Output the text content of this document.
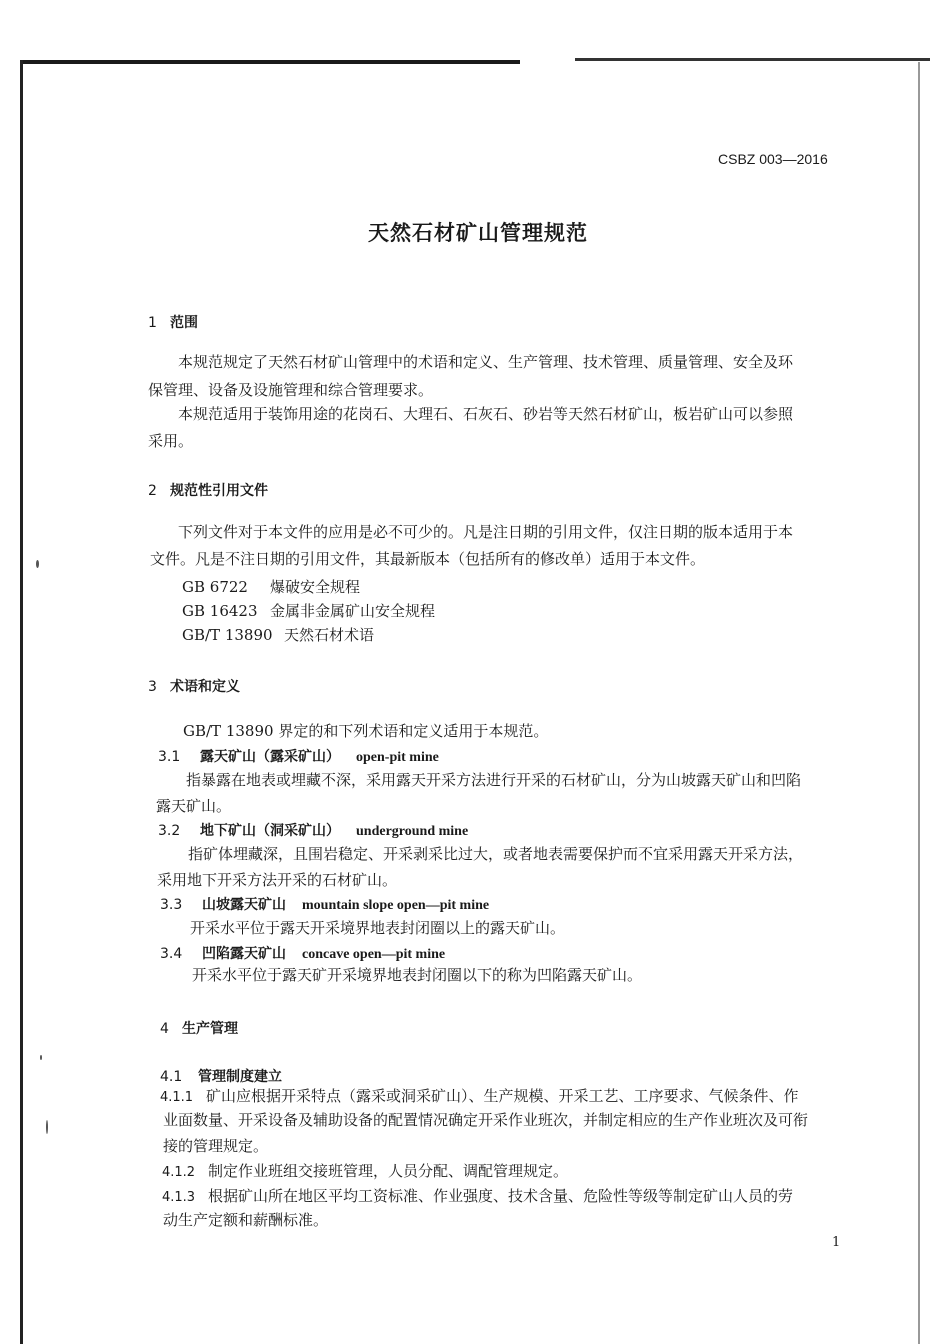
CSBZ 003—2016
天然石材矿山管理规范
1 范围
本规范规定了天然石材矿山管理中的术语和定义、生产管理、技术管理、质量管理、安全及环
保管理、设备及设施管理和综合管理要求。
本规范适用于装饰用途的花岗石、大理石、石灰石、砂岩等天然石材矿山，板岩矿山可以参照
采用。
2 规范性引用文件
下列文件对于本文件的应用是必不可少的。凡是注日期的引用文件，仅注日期的版本适用于本
文件。凡是不注日期的引用文件，其最新版本（包括所有的修改单）适用于本文件。
GB 6722 爆破安全规程
GB 16423 金属非金属矿山安全规程
GB/T 13890 天然石材术语
3 术语和定义
GB/T 13890 界定的和下列术语和定义适用于本规范。
3.1 露天矿山（露采矿山） open-pit mine
指暴露在地表或埋藏不深，采用露天开采方法进行开采的石材矿山，分为山坡露天矿山和凹陷
露天矿山。
3.2 地下矿山（洞采矿山） underground mine
指矿体埋藏深，且围岩稳定、开采剥采比过大，或者地表需要保护而不宜采用露天开采方法，
采用地下开采方法开采的石材矿山。
3.3 山坡露天矿山 mountain slope open—pit mine
开采水平位于露天开采境界地表封闭圈以上的露天矿山。
3.4 凹陷露天矿山 concave open—pit mine
开采水平位于露天矿开采境界地表封闭圈以下的称为凹陷露天矿山。
4 生产管理
4.1 管理制度建立
4.1.1 矿山应根据开采特点（露采或洞采矿山）、生产规模、开采工艺、工序要求、气候条件、作
业面数量、开采设备及辅助设备的配置情况确定开采作业班次，并制定相应的生产作业班次及可衔
接的管理规定。
4.1.2 制定作业班组交接班管理，人员分配、调配管理规定。
4.1.3 根据矿山所在地区平均工资标准、作业强度、技术含量、危险性等级等制定矿山人员的劳
动生产定额和薪酬标准。
1
